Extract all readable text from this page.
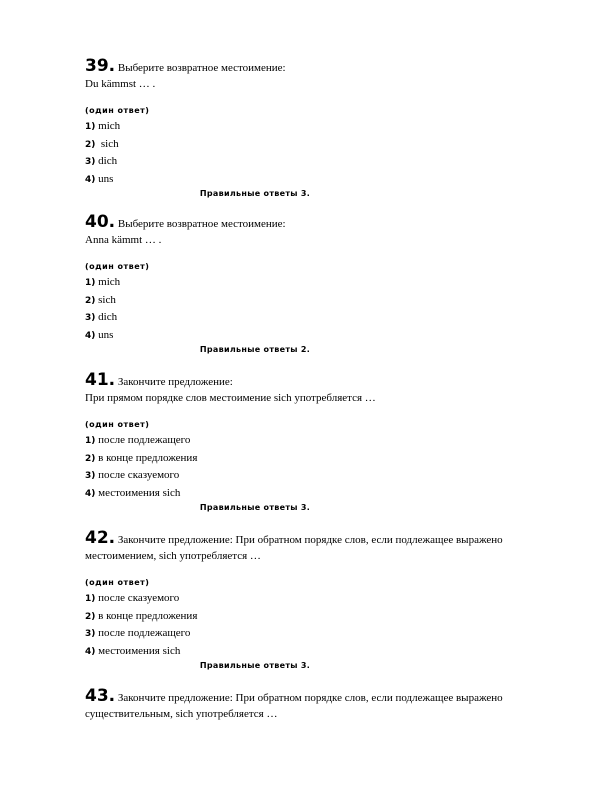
39. Выберите возвратное местоимение:
Du kämmst … .
(один ответ)
1) mich
2)  sich
3) dich
4) uns
Правильные ответы 3.
40. Выберите возвратное местоимение:
Anna kämmt … .
(один ответ)
1) mich
2) sich
3) dich
4) uns
Правильные ответы 2.
41. Закончите предложение:
При прямом порядке слов местоимение sich употребляется …
(один ответ)
1) после подлежащего
2) в конце предложения
3) после сказуемого
4) местоимения sich
Правильные ответы 3.
42. Закончите предложение: При обратном порядке слов, если подлежащее выражено
местоимением, sich употребляется …
(один ответ)
1) после сказуемого
2) в конце предложения
3) после подлежащего
4) местоимения sich
Правильные ответы 3.
43. Закончите предложение: При обратном порядке слов, если подлежащее выражено
существительным, sich употребляется …
